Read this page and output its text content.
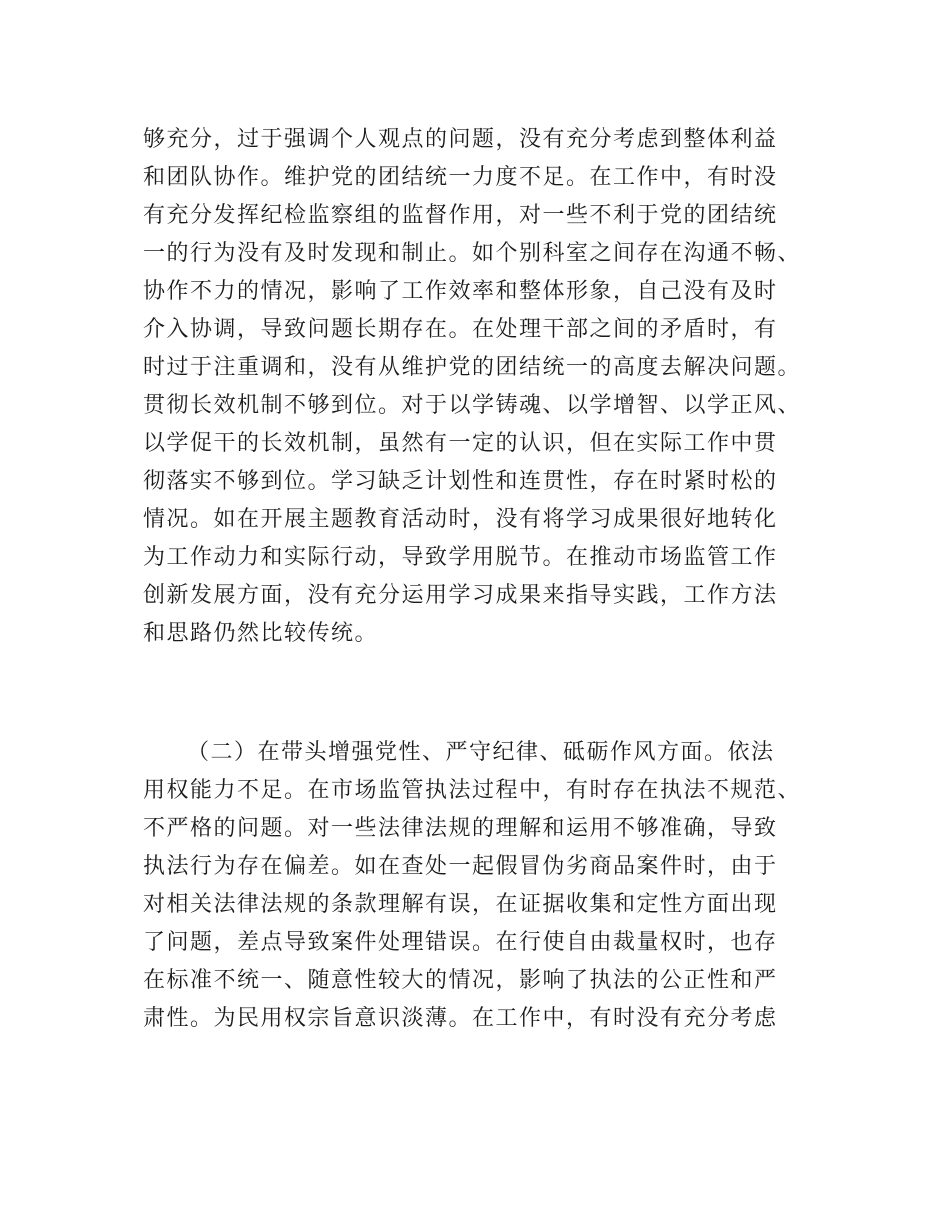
够充分，过于强调个人观点的问题，没有充分考虑到整体利益
和团队协作。维护党的团结统一力度不足。在工作中，有时没
有充分发挥纪检监察组的监督作用，对一些不利于党的团结统
一的行为没有及时发现和制止。如个别科室之间存在沟通不畅、
协作不力的情况，影响了工作效率和整体形象，自己没有及时
介入协调，导致问题长期存在。在处理干部之间的矛盾时，有
时过于注重调和，没有从维护党的团结统一的高度去解决问题。
贯彻长效机制不够到位。对于以学铸魂、以学增智、以学正风、
以学促干的长效机制，虽然有一定的认识，但在实际工作中贯
彻落实不够到位。学习缺乏计划性和连贯性，存在时紧时松的
情况。如在开展主题教育活动时，没有将学习成果很好地转化
为工作动力和实际行动，导致学用脱节。在推动市场监管工作
创新发展方面，没有充分运用学习成果来指导实践，工作方法
和思路仍然比较传统。
（二）在带头增强党性、严守纪律、砥砺作风方面。依法
用权能力不足。在市场监管执法过程中，有时存在执法不规范、
不严格的问题。对一些法律法规的理解和运用不够准确，导致
执法行为存在偏差。如在查处一起假冒伪劣商品案件时，由于
对相关法律法规的条款理解有误，在证据收集和定性方面出现
了问题，差点导致案件处理错误。在行使自由裁量权时，也存
在标准不统一、随意性较大的情况，影响了执法的公正性和严
肃性。为民用权宗旨意识淡薄。在工作中，有时没有充分考虑
